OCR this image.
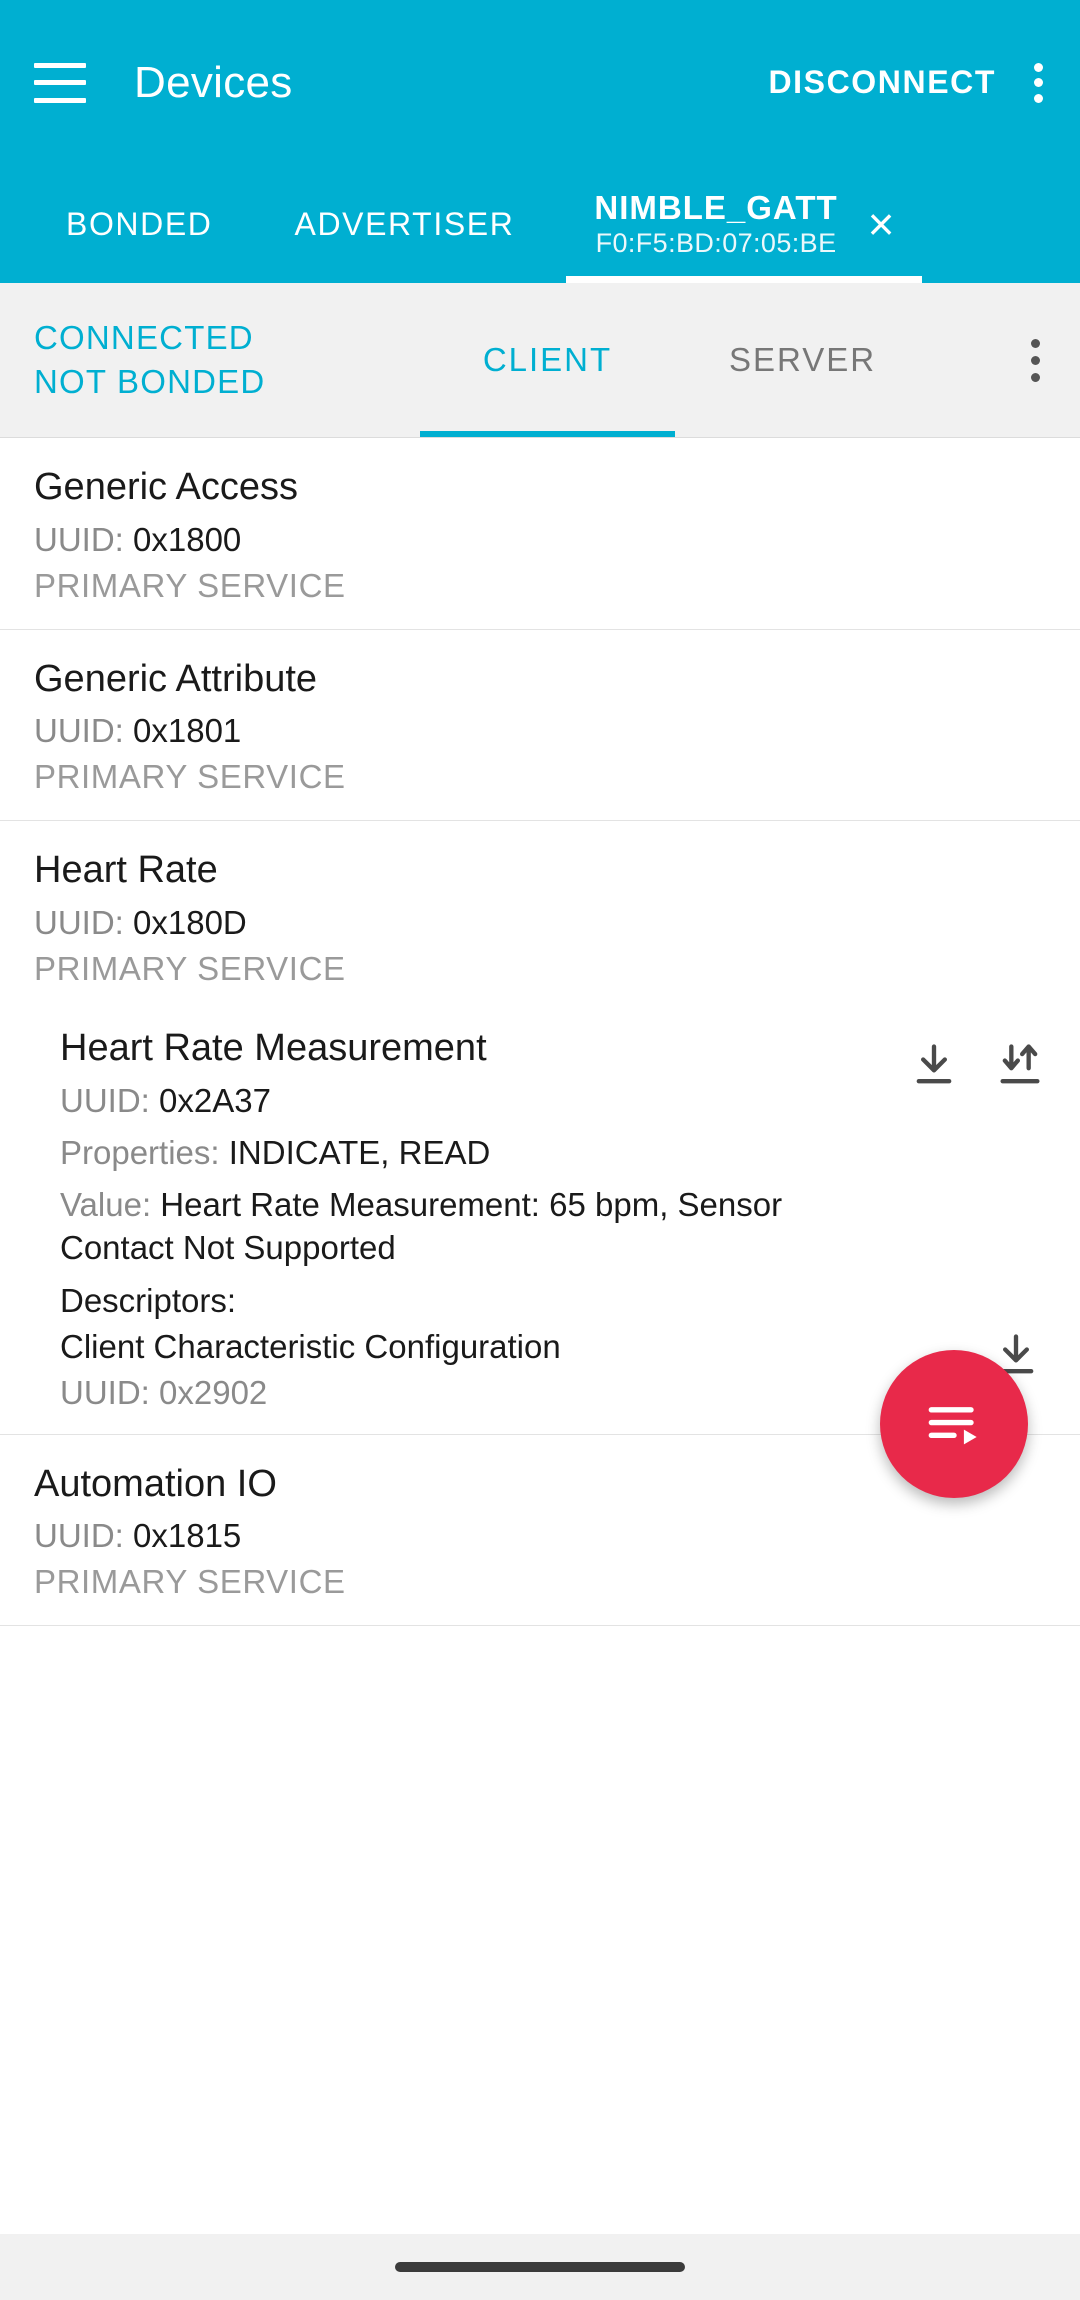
Devices	DISCONNECT
BONDED	ADVERTISER NIMBLE_GATT
F0:F5:BD:07:05:BE ×
CONNECTED
NOT BONDED
CLIENT	SERVER
Generic Access
UUID: 0x1800
PRIMARY SERVICE
Generic Attribute
UUID: 0x1801
PRIMARY SERVICE
Heart Rate
UUID: 0x180D
PRIMARY SERVICE
Heart Rate Measurement
UUID: 0x2A37
Properties: INDICATE, READ
Value: Heart Rate Measurement: 65 bpm, Sensor Contact Not Supported
Descriptors:
Client Characteristic Configuration
UUID: 0x2902
Automation IO
UUID: 0x1815
PRIMARY SERVICE
